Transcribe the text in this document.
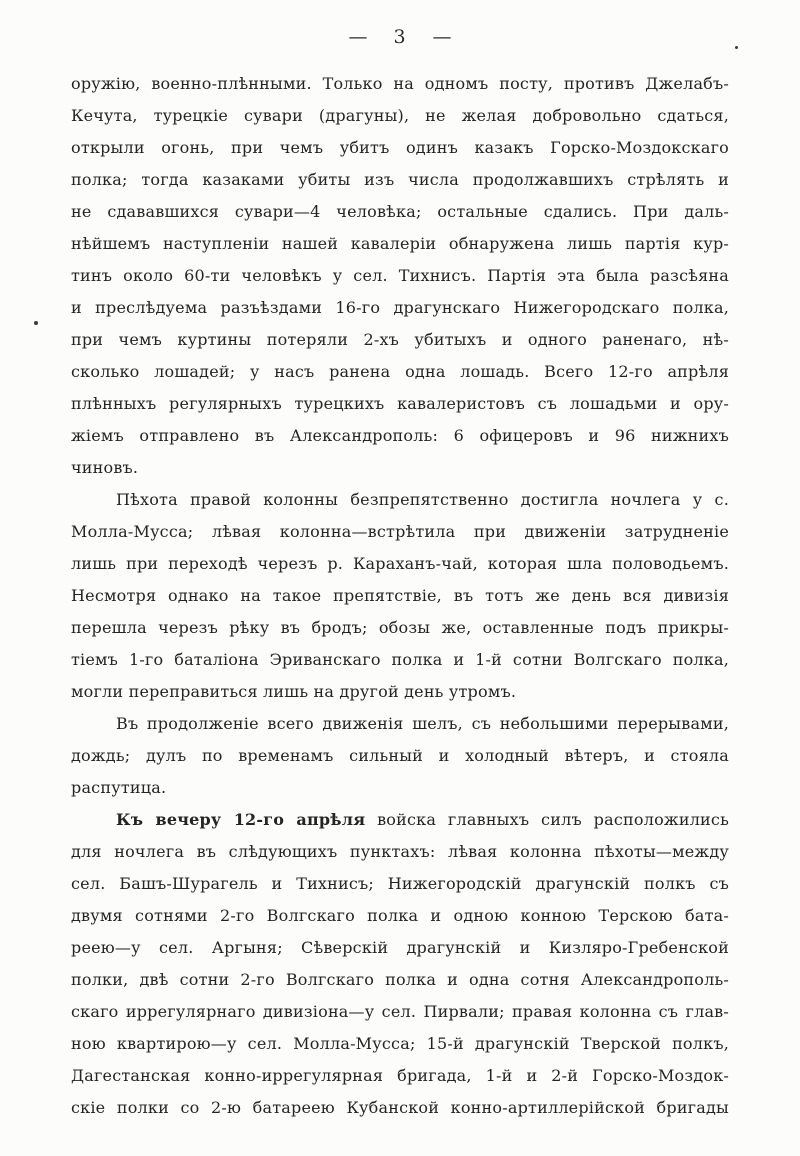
— 3 —
оружію, военно-плѣнными. Только на одномъ посту, противъ Джелабъ-
Кечута, турецкіе сувари (драгуны), не желая добровольно сдаться,
открыли огонь, при чемъ убитъ одинъ казакъ Горско-Моздокскаго
полка; тогда казаками убиты изъ числа продолжавшихъ стрѣлять и
не сдававшихся сувари—4 человѣка; остальные сдались. При даль-
нѣйшемъ наступленіи нашей кавалеріи обнаружена лишь партія кур-
тинъ около 60-ти человѣкъ у сел. Тихнисъ. Партія эта была разсѣяна
и преслѣдуема разъѣздами 16-го драгунскаго Нижегородскаго полка,
при чемъ куртины потеряли 2-хъ убитыхъ и одного раненаго, нѣ-
сколько лошадей; у насъ ранена одна лошадь. Всего 12-го апрѣля
плѣнныхъ регулярныхъ турецкихъ кавалеристовъ съ лошадьми и ору-
жіемъ отправлено въ Александрополь: 6 офицеровъ и 96 нижнихъ
чиновъ.
Пѣхота правой колонны безпрепятственно достигла ночлега у с.
Молла-Мусса; лѣвая колонна—встрѣтила при движеніи затрудненіе
лишь при переходѣ черезъ р. Караханъ-чай, которая шла половодьемъ.
Несмотря однако на такое препятствіе, въ тотъ же день вся дивизія
перешла черезъ рѣку въ бродъ; обозы же, оставленные подъ прикры-
тіемъ 1-го баталіона Эриванскаго полка и 1-й сотни Волгскаго полка,
могли переправиться лишь на другой день утромъ.
Въ продолженіе всего движенія шелъ, съ небольшими перерывами,
дождь; дулъ по временамъ сильный и холодный вѣтеръ, и стояла
распутица.
Къ вечеру 12-го апрѣля войска главныхъ силъ расположились
для ночлега въ слѣдующихъ пунктахъ: лѣвая колонна пѣхоты—между
сел. Башъ-Шурагель и Тихнисъ; Нижегородскій драгунскій полкъ съ
двумя сотнями 2-го Волгскаго полка и одною конною Терскою бата-
реею—у сел. Аргыня; Сѣверскій драгунскій и Кизляро-Гребенской
полки, двѣ сотни 2-го Волгскаго полка и одна сотня Александрополь-
скаго иррегулярнаго дивизіона—у сел. Пирвали; правая колонна съ глав-
ною квартирою—у сел. Молла-Мусса; 15-й драгунскій Тверской полкъ,
Дагестанская конно-иррегулярная бригада, 1-й и 2-й Горско-Моздок-
скіе полки со 2-ю батареею Кубанской конно-артиллерійской бригады
